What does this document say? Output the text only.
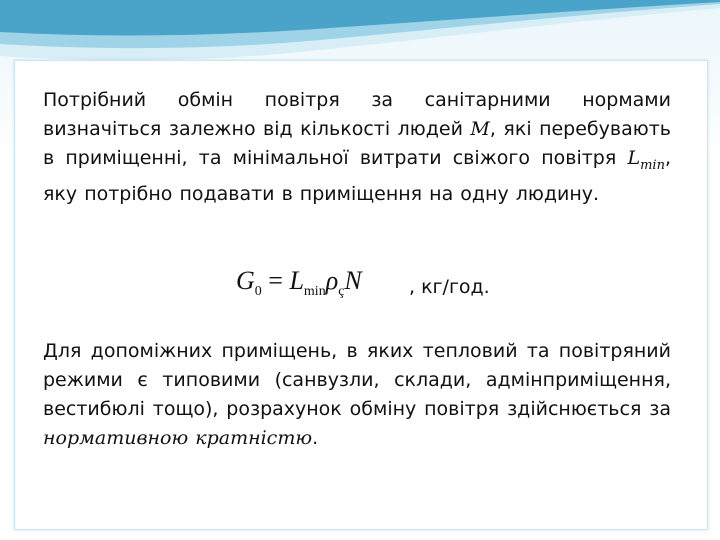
Потрібний обмін повітря за санітарними нормами визначіться залежно від кількості людей М, які перебувають в приміщенні, та мінімальної витрати свіжого повітря $L_{min}$, яку потрібно подавати в приміщення на одну людину.
$G_0 = L_{min}\rho_çN$ , кг/год.
Для допоміжних приміщень, в яких тепловий та повітряний режими є типовими (санвузли, склади, адмінприміщення, вестибюлі тощо), розрахунок обміну повітря здійснюється за нормативною кратністю.
